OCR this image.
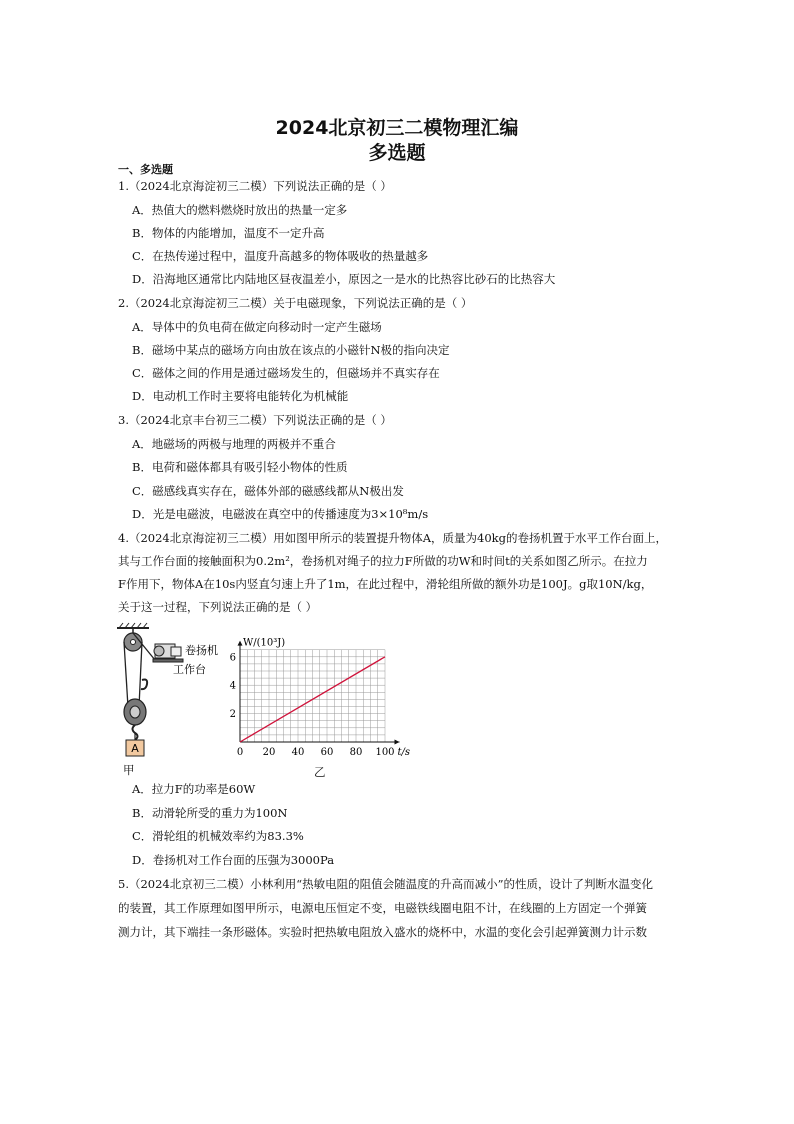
2024北京初三二模物理汇编
多选题
一、多选题
1.（2024北京海淀初三二模）下列说法正确的是（ ）
A．热值大的燃料燃烧时放出的热量一定多
B．物体的内能增加，温度不一定升高
C．在热传递过程中，温度升高越多的物体吸收的热量越多
D．沿海地区通常比内陆地区昼夜温差小，原因之一是水的比热容比砂石的比热容大
2.（2024北京海淀初三二模）关于电磁现象，下列说法正确的是（ ）
A．导体中的负电荷在做定向移动时一定产生磁场
B．磁场中某点的磁场方向由放在该点的小磁针N极的指向决定
C．磁体之间的作用是通过磁场发生的，但磁场并不真实存在
D．电动机工作时主要将电能转化为机械能
3.（2024北京丰台初三二模）下列说法正确的是（ ）
A．地磁场的两极与地理的两极并不重合
B．电荷和磁体都具有吸引轻小物体的性质
C．磁感线真实存在，磁体外部的磁感线都从N极出发
D．光是电磁波，电磁波在真空中的传播速度为3×10⁸m/s
4.（2024北京海淀初三二模）用如图甲所示的装置提升物体A，质量为40kg的卷扬机置于水平工作台面上，
其与工作台面的接触面积为0.2m²，卷扬机对绳子的拉力F所做的功W和时间t的关系如图乙所示。在拉力
F作用下，物体A在10s内竖直匀速上升了1m，在此过程中，滑轮组所做的额外功是100J。g取10N/kg，
关于这一过程，下列说法正确的是（ ）
A
卷扬机
工作台
甲
0 20 40 60 80 100
2
4
6
W/(10³J)
t/s
乙
A．拉力F的功率是60W
B．动滑轮所受的重力为100N
C．滑轮组的机械效率约为83.3%
D．卷扬机对工作台面的压强为3000Pa
5.（2024北京初三二模）小林利用“热敏电阻的阻值会随温度的升高而减小”的性质，设计了判断水温变化
的装置，其工作原理如图甲所示，电源电压恒定不变，电磁铁线圈电阻不计，在线圈的上方固定一个弹簧
测力计，其下端挂一条形磁体。实验时把热敏电阻放入盛水的烧杯中，水温的变化会引起弹簧测力计示数
